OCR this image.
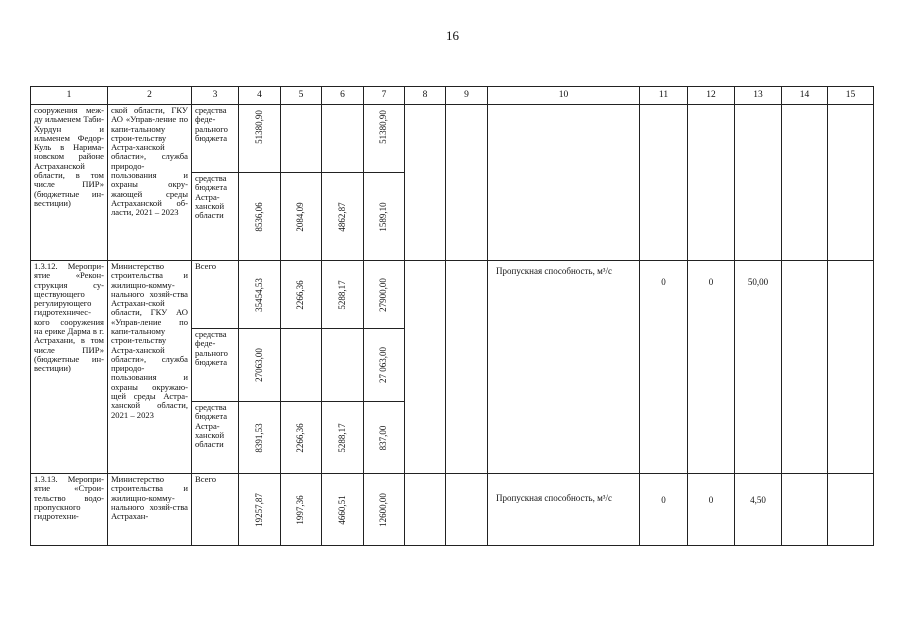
16
1	2	3	4	5	6	7	8	9	10	11	12	13	14	15
сооружения меж-ду ильменем Таби-Хурдун и ильменем Федор-Куль в Нарима-новском районе Астраханской области, в том числе ПИР» (бюджетные ин-вестиции)	ской области, ГКУ АО «Управ-ление по капи-тальному строи-тельству Астра-ханской области», служба природо-пользования и охраны окру-жающей среды Астраханской об-ласти, 2021 – 2023	средства феде-рального бюджета	51380,90			51380,90								

		средства бюджета Астра-ханской области	8536,06	2084,09	4862,87	1589,10								

1.3.12. Меропри-ятие «Рекон-струкция су-ществующего регулирующего гидротехничес-кого сооружения на ерике Дарма в г. Астрахани, в том числе ПИР» (бюджетные ин-вестиции)	Министерство строительства и жилищно-комму-нального хозяй-ства Астрахан-ской области, ГКУ АО «Управ-ление по капи-тальному строи-тельству Астра-ханской области», служба природо-пользования и охраны окружаю-щей среды Астра-ханской области, 2021 – 2023	Всего	35454,53	2266,36	5288,17	27900,00			Пропускная способность, м³/с	0	0	50,00		
		средства феде-рального бюджета	27063,00			27 063,00								

		средства бюджета Астра-ханской области	8391,53	2266,36	5288,17	837,00								

1.3.13. Меропри-ятие «Строи-тельство водо-пропускного гидротехни-	Министерство строительства и жилищно-комму-нального хозяй-ства Астрахан-	Всего	19257,87	1997,36	4660,51	12600,00			Пропускная способность, м³/с	0	0	4,50		
